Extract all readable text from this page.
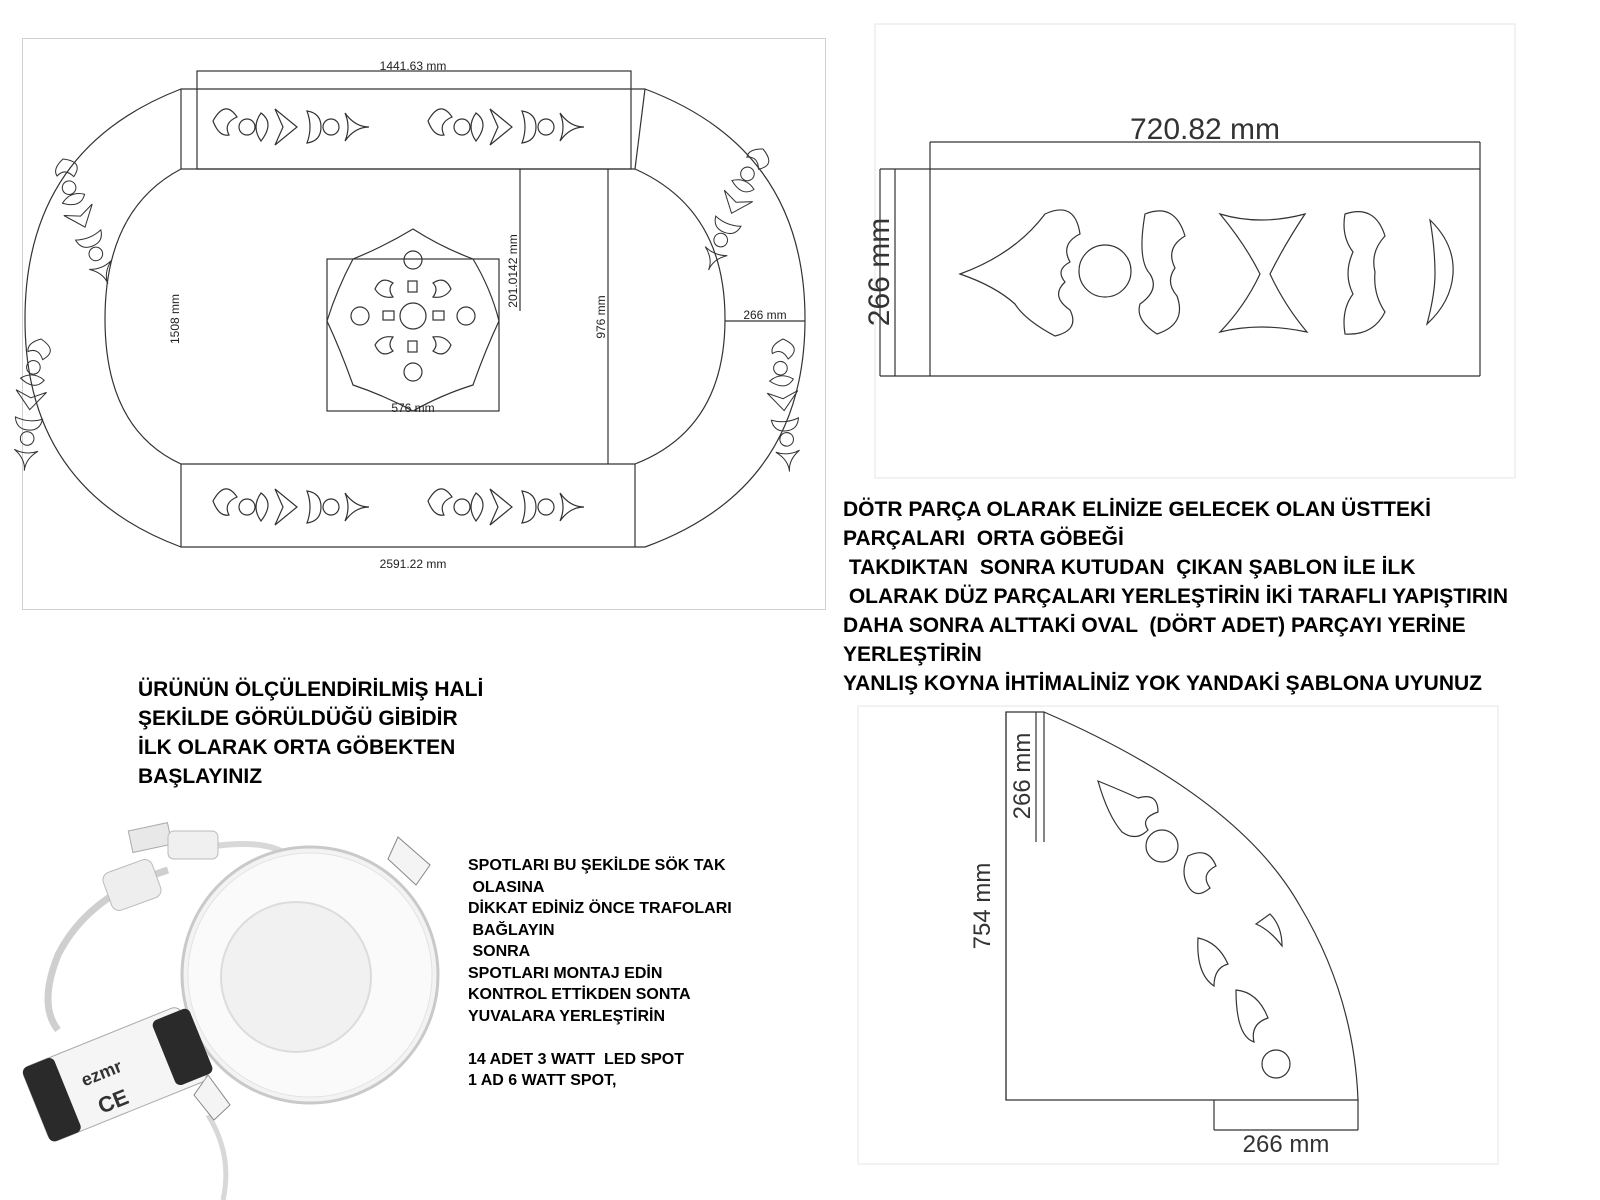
1441.63 mm
2591.22 mm
1508 mm	976 mm
201.0142 mm
576 mm
266 mm
720.82 mm
266 mm
754 mm
266 mm
266 mm
DÖTR PARÇA OLARAK ELİNİZE GELECEK OLAN ÜSTTEKİ
PARÇALARI  ORTA GÖBEĞİ
TAKDIKTAN  SONRA KUTUDAN  ÇIKAN ŞABLON İLE İLK
OLARAK DÜZ PARÇALARI YERLEŞTİRİN İKİ TARAFLI YAPIŞTIRIN
DAHA SONRA ALTTAKİ OVAL  (DÖRT ADET) PARÇAYI YERİNE
YERLEŞTİRİN
YANLIŞ KOYNA İHTİMALİNİZ YOK YANDAKİ ŞABLONA UYUNUZ
ÜRÜNÜN ÖLÇÜLENDİRİLMİŞ HALİ
ŞEKİLDE GÖRÜLDÜĞÜ GİBİDİR
İLK OLARAK ORTA GÖBEKTEN
BAŞLAYINIZ
ezmr
CE
SPOTLARI BU ŞEKİLDE SÖK TAK
OLASINA
DİKKAT EDİNİZ ÖNCE TRAFOLARI
BAĞLAYIN
SONRA
SPOTLARI MONTAJ EDİN
KONTROL ETTİKDEN SONTA
YUVALARA YERLEŞTİRİN

14 ADET 3 WATT  LED SPOT
1 AD 6 WATT SPOT,
